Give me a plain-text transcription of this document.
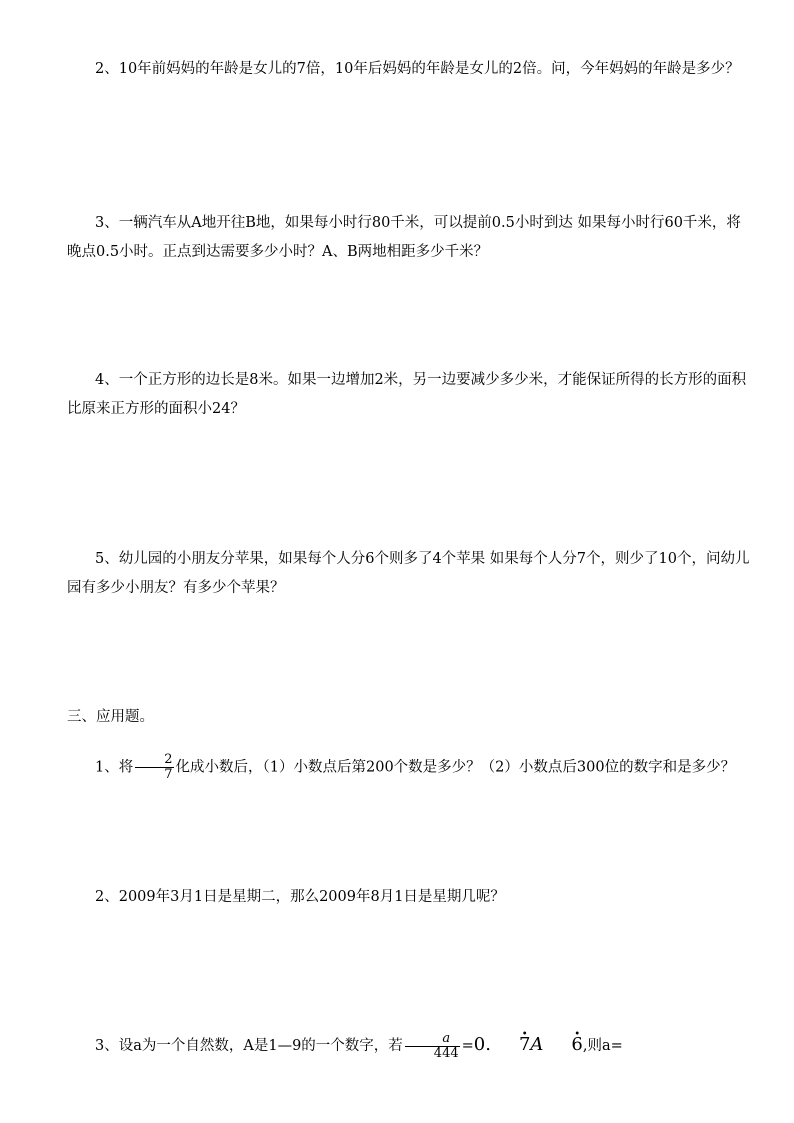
2、10年前妈妈的年龄是女儿的7倍，10年后妈妈的年龄是女儿的2倍。问，今年妈妈的年龄是多少？

3、一辆汽车从A地开往B地，如果每小时行80千米，可以提前0.5小时到达 如果每小时行60千米，将晚点0.5小时。正点到达需要多少小时？A、B两地相距多少千米？

4、一个正方形的边长是8米。如果一边增加2米，另一边要减少多少米，才能保证所得的长方形的面积比原来正方形的面积小24？

5、幼儿园的小朋友分苹果，如果每个人分6个则多了4个苹果 如果每个人分7个，则少了10个，问幼儿园有多少小朋友？有多少个苹果？

三、应用题。

1、将 $\frac{2}{7}$ 化成小数后，（1）小数点后第200个数是多少？（2）小数点后300位的数字和是多少？

2、2009年3月1日是星期二，那么2009年8月1日是星期几呢？

3、设a为一个自然数，A是1—9的一个数字，若 $\frac{a}{444}$ =0.• 7A• 6,则a=
